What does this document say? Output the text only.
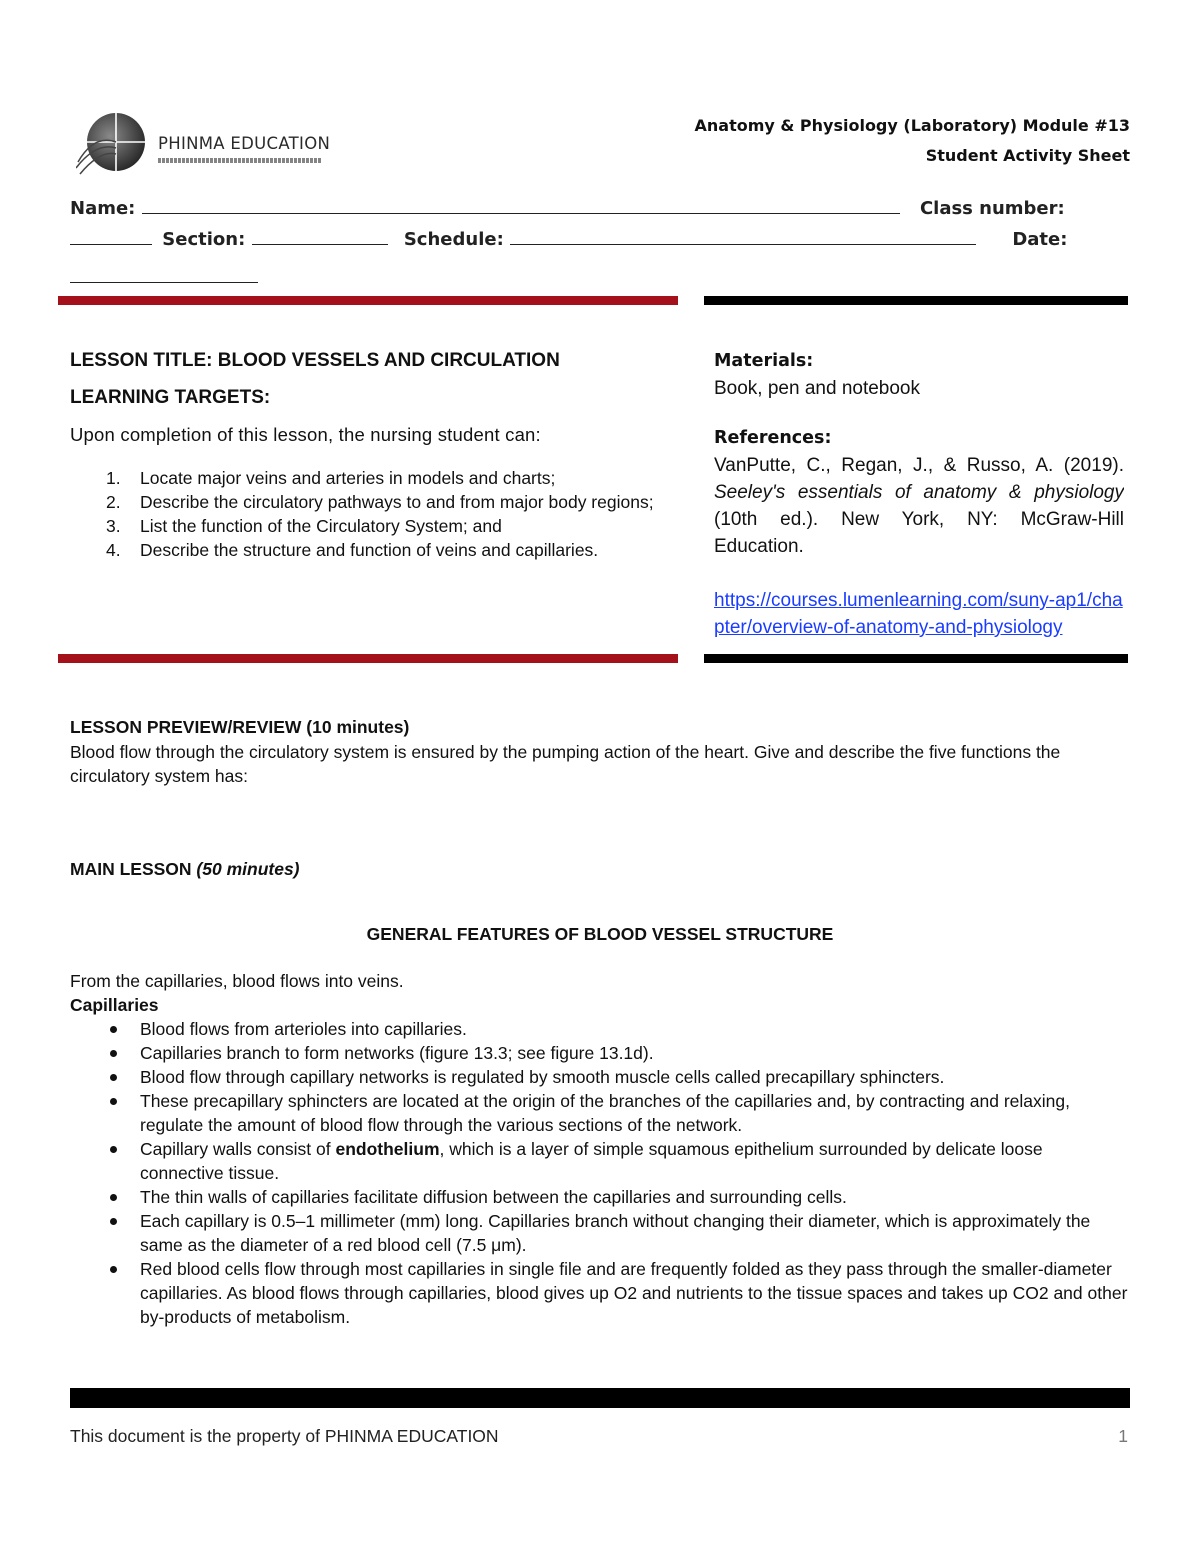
PHINMA EDUCATION
Anatomy & Physiology (Laboratory) Module #13
Student Activity Sheet
Name:	Class number:
Section:	Schedule:	Date:
LESSON TITLE: BLOOD VESSELS AND CIRCULATION
LEARNING TARGETS:
Upon completion of this lesson, the nursing student can:
1.	Locate major veins and arteries in models and charts;
2.	Describe the circulatory pathways to and from major body regions;
3.	List the function of the Circulatory System; and
4.	Describe the structure and function of veins and capillaries.
Materials:
Book, pen and notebook
References:
VanPutte, C., Regan, J., & Russo, A. (2019). Seeley's essentials of anatomy & physiology (10th ed.). New York, NY: McGraw-Hill Education.
https://courses.lumenlearning.com/suny-ap1/chapter/overview-of-anatomy-and-physiology
LESSON PREVIEW/REVIEW (10 minutes)
Blood flow through the circulatory system is ensured by the pumping action of the heart. Give and describe the five functions the circulatory system has:
MAIN LESSON (50 minutes)
GENERAL FEATURES OF BLOOD VESSEL STRUCTURE
From the capillaries, blood flows into veins.
Capillaries
Blood flows from arterioles into capillaries.
Capillaries branch to form networks (figure 13.3; see figure 13.1d).
Blood flow through capillary networks is regulated by smooth muscle cells called precapillary sphincters.
These precapillary sphincters are located at the origin of the branches of the capillaries and, by contracting and relaxing, regulate the amount of blood flow through the various sections of the network.
Capillary walls consist of endothelium, which is a layer of simple squamous epithelium surrounded by delicate loose connective tissue.
The thin walls of capillaries facilitate diffusion between the capillaries and surrounding cells.
Each capillary is 0.5–1 millimeter (mm) long. Capillaries branch without changing their diameter, which is approximately the same as the diameter of a red blood cell (7.5 μm).
Red blood cells flow through most capillaries in single file and are frequently folded as they pass through the smaller-diameter capillaries. As blood flows through capillaries, blood gives up O2 and nutrients to the tissue spaces and takes up CO2 and other by-products of metabolism.
This document is the property of PHINMA EDUCATION	1
